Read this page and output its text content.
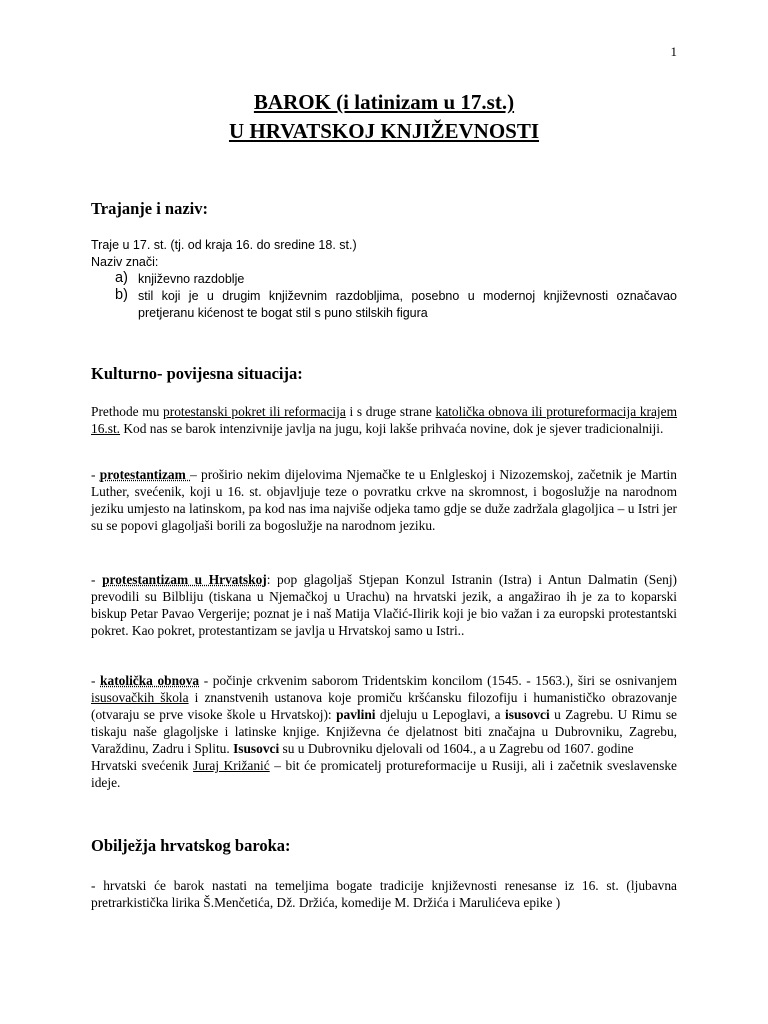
1
BAROK (i latinizam u 17.st.)
U HRVATSKOJ KNJIŽEVNOSTI
Trajanje i naziv:

Traje u 17. st. (tj. od kraja 16. do sredine 18. st.)

Naziv znači:

a) književno razdoblje
b) stil koji je u drugim književnim razdobljima, posebno u modernoj književnosti označavao pretjeranu kićenost te bogat stil s puno stilskih figura
Kulturno- povijesna situacija:

Prethode mu protestanski pokret ili reformacija i s druge strane katolička obnova ili protureformacija krajem 16.st. Kod nas se barok intenzivnije javlja na jugu, koji lakše prihvaća novine, dok je sjever tradicionalniji.

- protestantizam – proširio nekim dijelovima Njemačke te u Enlgleskoj i Nizozemskoj, začetnik je Martin Luther, svećenik, koji u 16. st. objavljuje teze o povratku crkve na skromnost, i bogoslužje na narodnom jeziku umjesto na latinskom, pa kod nas ima najviše odjeka tamo gdje se duže zadržala glagoljica – u Istri jer su se popovi glagoljaši borili za bogoslužje na narodnom jeziku.

- protestantizam u Hrvatskoj: pop glagoljaš Stjepan Konzul Istranin (Istra) i Antun Dalmatin (Senj) prevodili su Bilbliju (tiskana u Njemačkoj u Urachu) na hrvatski jezik, a angažirao ih je za to koparski biskup Petar Pavao Vergerije; poznat je i naš Matija Vlačić-Ilirik koji je bio važan i za europski protestantski pokret. Kao pokret, protestantizam se javlja u Hrvatskoj samo u Istri..

- katolička obnova - počinje crkvenim saborom Tridentskim koncilom (1545. - 1563.), širi se osnivanjem isusovačkih škola i znanstvenih ustanova koje promiču kršćansku filozofiju i humanističko obrazovanje (otvaraju se prve visoke škole u Hrvatskoj): pavlini djeluju u Lepoglavi, a isusovci u Zagrebu. U Rimu se tiskaju naše glagoljske i latinske knjige. Književna će djelatnost biti značajna u Dubrovniku, Zagrebu, Varaždinu, Zadru i Splitu. Isusovci su u Dubrovniku djelovali od 1604., a u Zagrebu od 1607. godine

Hrvatski svećenik Juraj Križanić – bit će promicatelj protureformacije u Rusiji, ali i začetnik sveslavenske ideje.

Obilježja hrvatskog baroka:

- hrvatski će barok nastati na temeljima bogate tradicije književnosti renesanse iz 16. st. (ljubavna pretrarkistička lirika Š.Menčetića, Dž. Držića, komedije M. Držića i Marulićeva epike )
